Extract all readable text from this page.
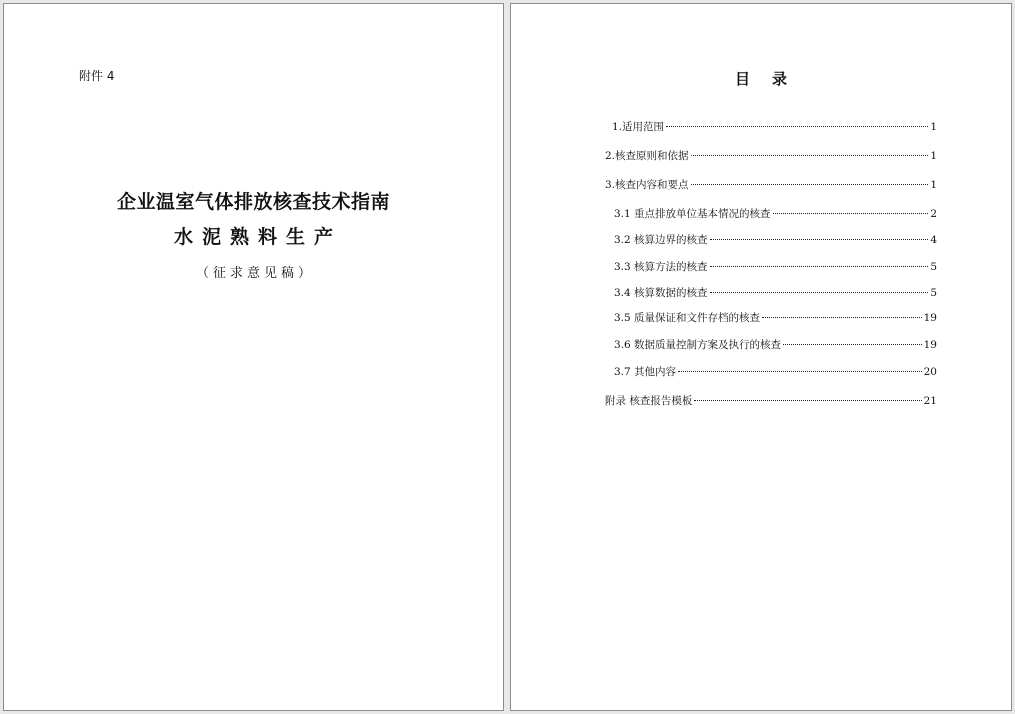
附件 4
企业温室气体排放核查技术指南
水泥熟料生产
（征求意见稿）
目录
1.适用范围	1
2.核查原则和依据	1
3.核查内容和要点	1
3.1 重点排放单位基本情况的核查	2
3.2 核算边界的核查	4
3.3 核算方法的核查	5
3.4 核算数据的核查	5
3.5 质量保证和文件存档的核查	19
3.6 数据质量控制方案及执行的核查	19
3.7 其他内容	20
附录 核查报告模板	21
